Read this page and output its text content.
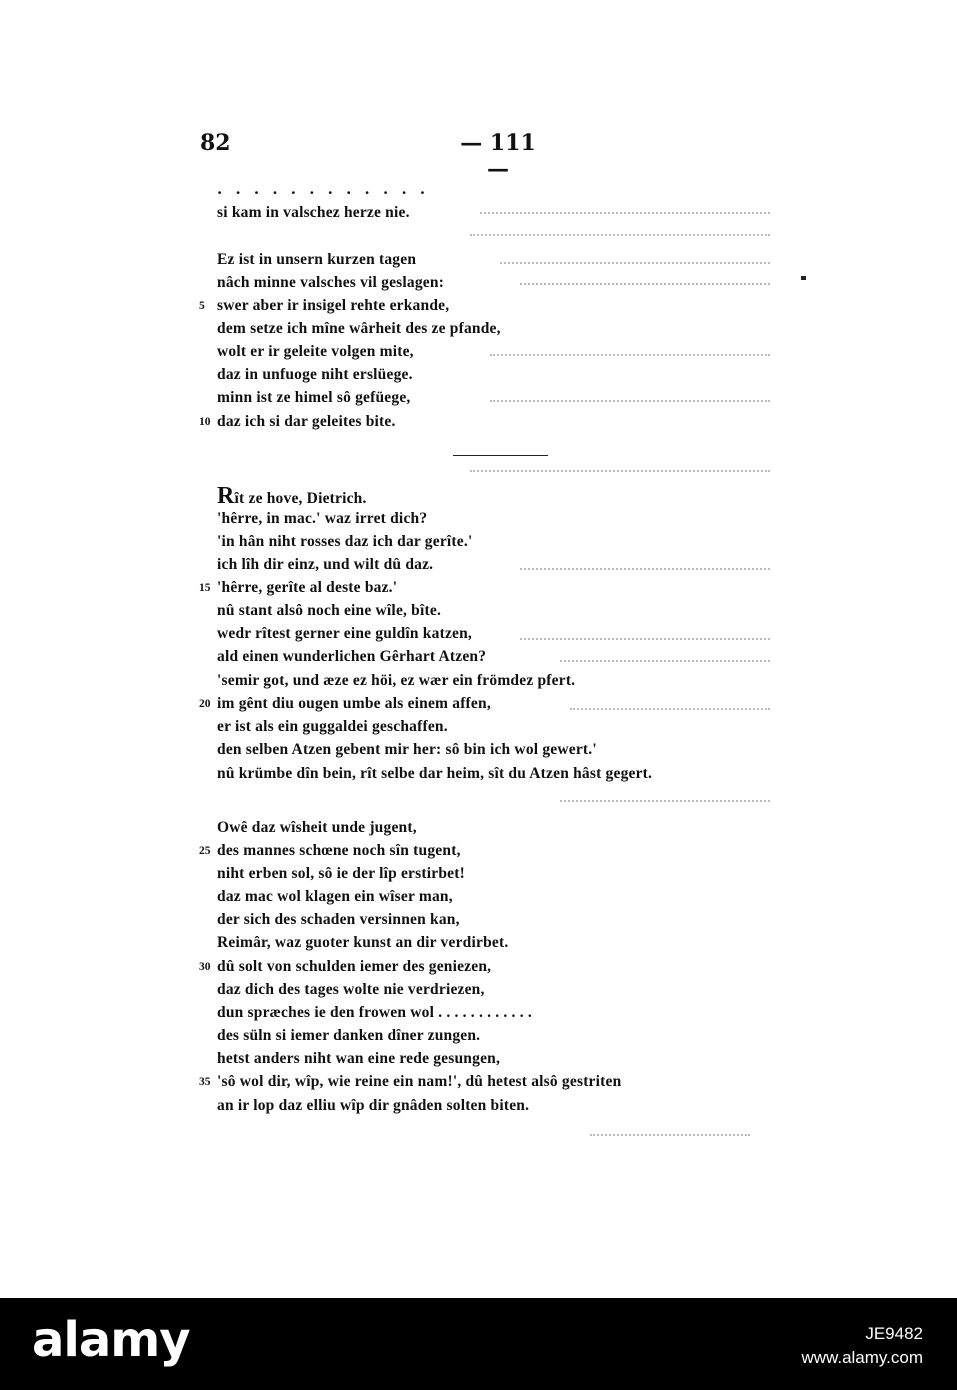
82	— 111 —
. . . . . . . . . . . .
si kam in valschez herze nie.
Ez ist in unsern kurzen tagen
nâch minne valsches vil geslagen:
5 swer aber ir insigel rehte erkande,
dem setze ich mîne wârheit des ze pfande,
wolt er ir geleite volgen mite,
daz in unfuoge niht erslüege.
minn ist ze himel sô gefüege,
10 daz ich si dar geleites bite.
Rît ze hove, Dietrich.
'hêrre, in mac.' waz irret dich?
'in hân niht rosses daz ich dar gerîte.'
ich lîh dir einz, und wilt dû daz.
15 'hêrre, gerîte al deste baz.'
nû stant alsô noch eine wîle, bîte.
wedr rîtest gerner eine guldîn katzen,
ald einen wunderlichen Gêrhart Atzen?
'semir got, und æze ez höi, ez wær ein frömdez pfert.
20 im gênt diu ougen umbe als einem affen,
er ist als ein guggaldei geschaffen.
den selben Atzen gebent mir her: sô bin ich wol gewert.'
nû krümbe dîn bein, rît selbe dar heim, sît du Atzen hâst gegert.
Owê daz wîsheit unde jugent,
25 des mannes schœne noch sîn tugent,
niht erben sol, sô ie der lîp erstirbet!
daz mac wol klagen ein wîser man,
der sich des schaden versinnen kan,
Reimâr, waz guoter kunst an dir verdirbet.
30 dû solt von schulden iemer des geniezen,
daz dich des tages wolte nie verdriezen,
dun spræches ie den frowen wol . . . . . . . . . . . .
des süln si iemer danken dîner zungen.
hetst anders niht wan eine rede gesungen,
35 'sô wol dir, wîp, wie reine ein nam!', dû hetest alsô gestriten
an ir lop daz elliu wîp dir gnâden solten biten.
alamy	JE9482
www.alamy.com
